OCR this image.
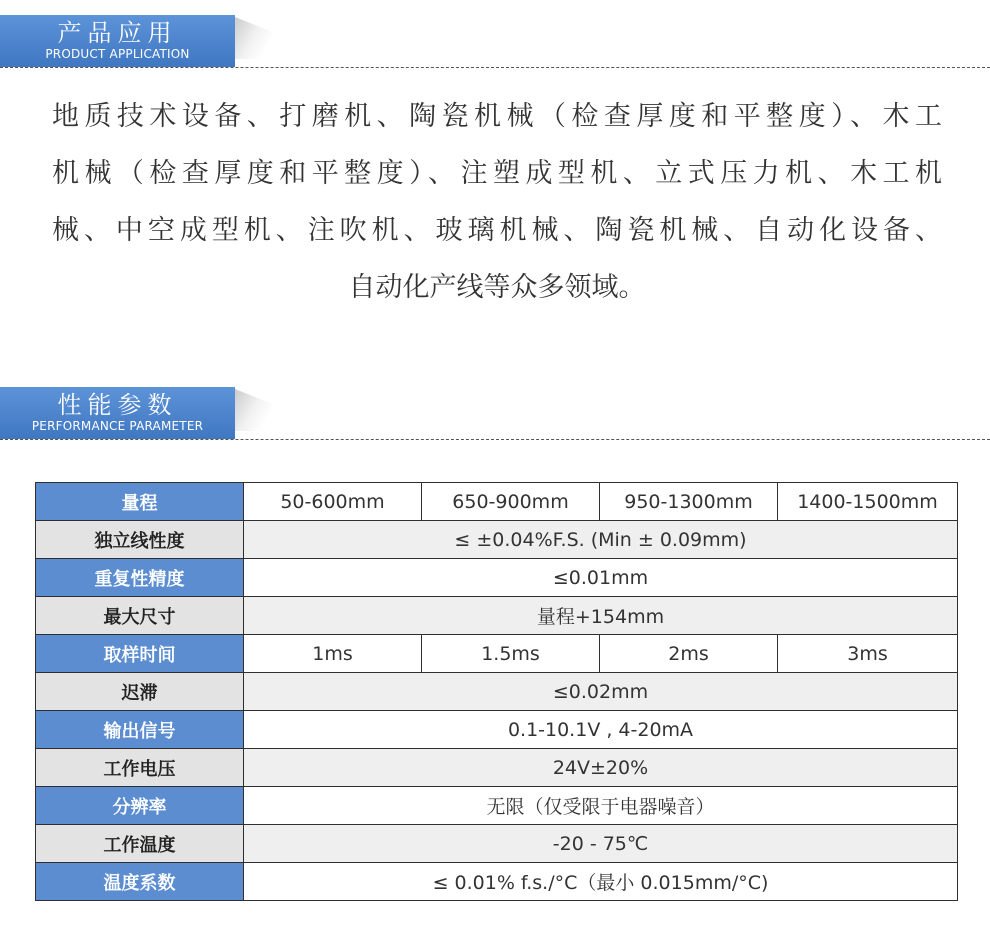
产品应用
PRODUCT APPLICATION
地质技术设备、打磨机、陶瓷机械（检查厚度和平整度）、木工
机械（检查厚度和平整度）、注塑成型机、立式压力机、木工机
械、中空成型机、注吹机、玻璃机械、陶瓷机械、自动化设备、
自动化产线等众多领域。
性能参数
PERFORMANCE PARAMETER
量程	50-600mm	650-900mm	950-1300mm	1400-1500mm
独立线性度	≤ ±0.04%F.S. (Min ± 0.09mm)			
重复性精度	≤0.01mm			
最大尺寸	量程+154mm			
取样时间	1ms	1.5ms	2ms	3ms
迟滞	≤0.02mm			
输出信号	0.1-10.1V , 4-20mA			
工作电压	24V±20%			
分辨率	无限（仅受限于电器噪音）			
工作温度	-20 - 75℃			
温度系数	≤ 0.01% f.s./°C（最小 0.015mm/°C)			
